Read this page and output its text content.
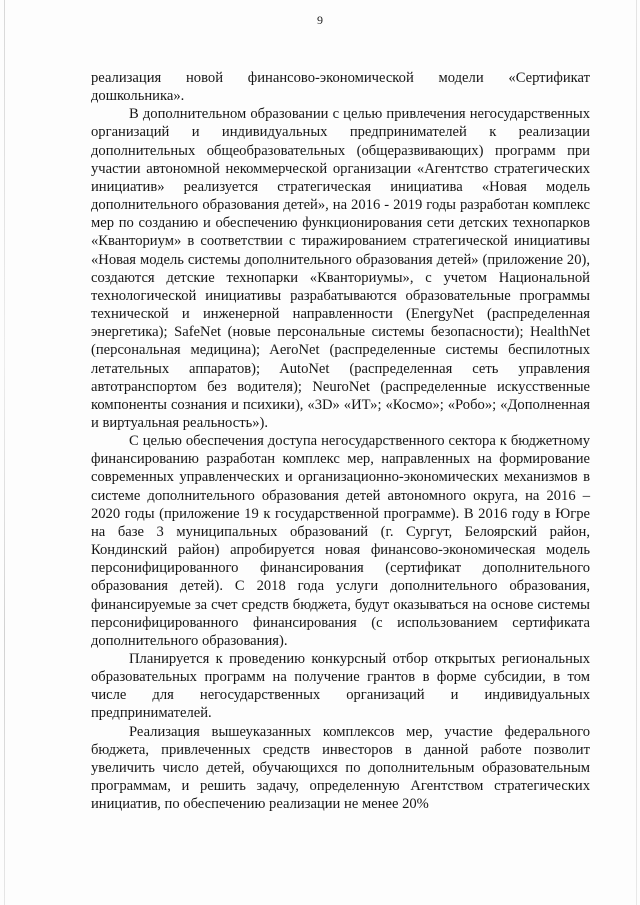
9

реализация новой финансово-экономической модели «Сертификат дошкольника».

В дополнительном образовании с целью привлечения негосударственных организаций и индивидуальных предпринимателей к реализации дополнительных общеобразовательных (общеразвивающих) программ при участии автономной некоммерческой организации «Агентство стратегических инициатив» реализуется стратегическая инициатива «Новая модель дополнительного образования детей», на 2016 - 2019 годы разработан комплекс мер по созданию и обеспечению функционирования сети детских технопарков «Кванториум» в соответствии с тиражированием стратегической инициативы «Новая модель системы дополнительного образования детей» (приложение 20), создаются детские технопарки «Кванториумы», с учетом Национальной технологической инициативы разрабатываются образовательные программы технической и инженерной направленности (EnergyNet (распределенная энергетика); SafeNet (новые персональные системы безопасности); HealthNet (персональная медицина); AeroNet (распределенные системы беспилотных летательных аппаратов); AutoNet (распределенная сеть управления автотранспортом без водителя); NeuroNet (распределенные искусственные компоненты сознания и психики), «3D» «ИТ»; «Космо»; «Робо»; «Дополненная и виртуальная реальность»).

С целью обеспечения доступа негосударственного сектора к бюджетному финансированию разработан комплекс мер, направленных на формирование современных управленческих и организационно-экономических механизмов в системе дополнительного образования детей автономного округа, на 2016 – 2020 годы (приложение 19 к государственной программе). В 2016 году в Югре на базе 3 муниципальных образований (г. Сургут, Белоярский район, Кондинский район) апробируется новая финансово-экономическая модель персонифицированного финансирования (сертификат дополнительного образования детей). С 2018 года услуги дополнительного образования, финансируемые за счет средств бюджета, будут оказываться на основе системы персонифицированного финансирования (с использованием сертификата дополнительного образования).

Планируется к проведению конкурсный отбор открытых региональных образовательных программ на получение грантов в форме субсидии, в том числе для негосударственных организаций и индивидуальных предпринимателей.

Реализация вышеуказанных комплексов мер, участие федерального бюджета, привлеченных средств инвесторов в данной работе позволит увеличить число детей, обучающихся по дополнительным образовательным программам, и решить задачу, определенную Агентством стратегических инициатив, по обеспечению реализации не менее 20%
